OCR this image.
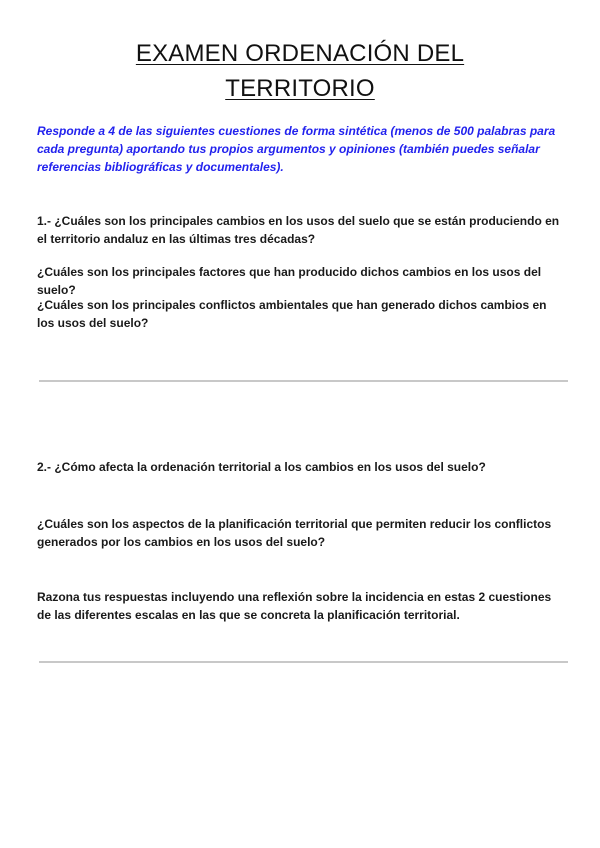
EXAMEN ORDENACIÓN DEL
TERRITORIO

Responde a 4 de las siguientes cuestiones de forma sintética (menos de 500 palabras para cada pregunta) aportando tus propios argumentos y opiniones (también puedes señalar referencias bibliográficas y documentales).

1.- ¿Cuáles son los principales cambios en los usos del suelo que se están produciendo en el territorio andaluz en las últimas tres décadas?

¿Cuáles son los principales factores que han producido dichos cambios en los usos del suelo?

¿Cuáles son los principales conflictos ambientales que han generado dichos cambios en los usos del suelo?

2.- ¿Cómo afecta la ordenación territorial a los cambios en los usos del suelo?

¿Cuáles son los aspectos de la planificación territorial que permiten reducir los conflictos generados por los cambios en los usos del suelo?

Razona tus respuestas incluyendo una reflexión sobre la incidencia en estas 2 cuestiones de las diferentes escalas en las que se concreta la planificación territorial.
